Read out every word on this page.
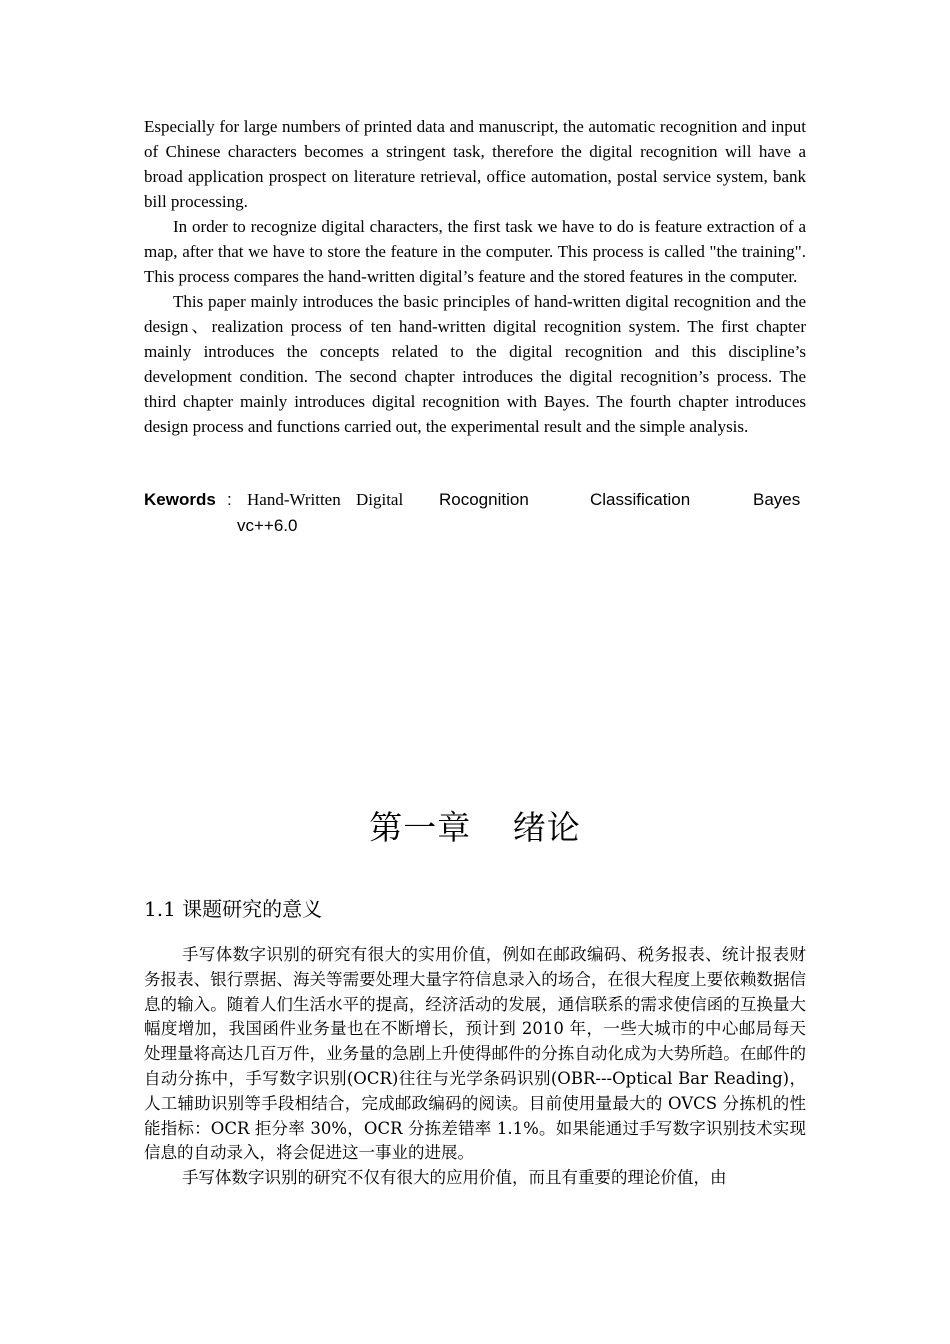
Especially for large numbers of printed data and manuscript, the automatic recognition and input of Chinese characters becomes a stringent task, therefore the digital recognition will have a broad application prospect on literature retrieval, office automation, postal service system, bank bill processing.

In order to recognize digital characters, the first task we have to do is feature extraction of a map, after that we have to store the feature in the computer. This process is called "the training". This process compares the hand-written digital’s feature and the stored features in the computer.

This paper mainly introduces the basic principles of hand-written digital recognition and the design、realization process of ten hand-written digital recognition system. The first chapter mainly introduces the concepts related to the digital recognition and this discipline’s development condition. The second chapter introduces the digital recognition’s process. The third chapter mainly introduces digital recognition with Bayes. The fourth chapter introduces design process and functions carried out, the experimental result and the simple analysis.

Kewords : Hand-Written Digital Rocognition	Classification	Bayes
vc++6.0
第一章 绪论
1.1 课题研究的意义

手写体数字识别的研究有很大的实用价值，例如在邮政编码、税务报表、统计报表财务报表、银行票据、海关等需要处理大量字符信息录入的场合，在很大程度上要依赖数据信息的输入。随着人们生活水平的提高，经济活动的发展，通信联系的需求使信函的互换量大幅度增加，我国函件业务量也在不断增长，预计到 2010 年，一些大城市的中心邮局每天处理量将高达几百万件，业务量的急剧上升使得邮件的分拣自动化成为大势所趋。在邮件的自动分拣中，手写数字识别(OCR)往往与光学条码识别(OBR---Optical Bar Reading)，人工辅助识别等手段相结合，完成邮政编码的阅读。目前使用量最大的 OVCS 分拣机的性能指标：OCR 拒分率 30%，OCR 分拣差错率 1.1%。如果能通过手写数字识别技术实现信息的自动录入，将会促进这一事业的进展。

手写体数字识别的研究不仅有很大的应用价值，而且有重要的理论价值，由
